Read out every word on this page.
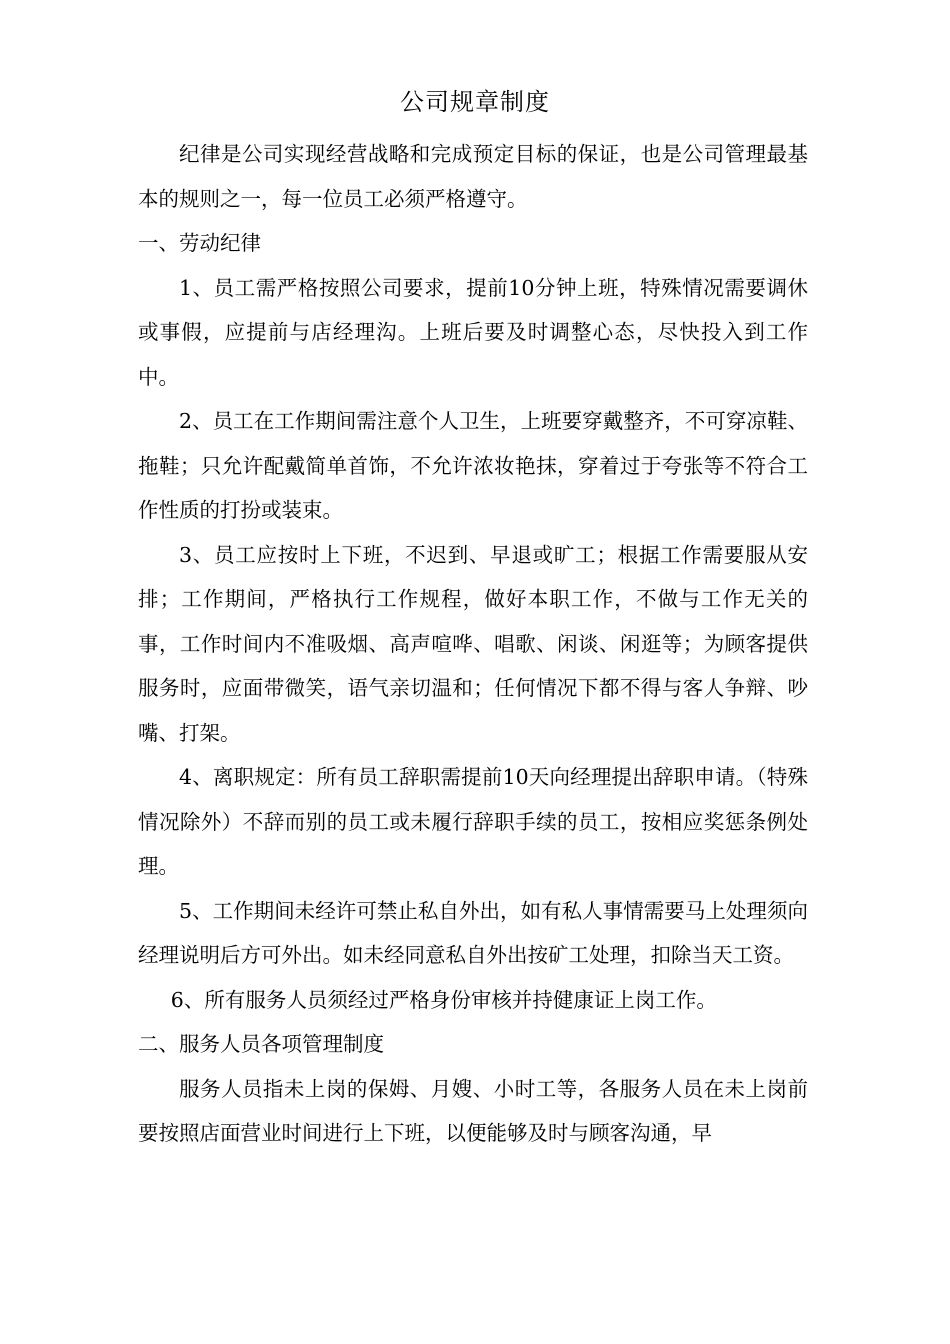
公司规章制度

纪律是公司实现经营战略和完成预定目标的保证，也是公司管理最基本的规则之一，每一位员工必须严格遵守。

一、劳动纪律

1、员工需严格按照公司要求，提前10分钟上班，特殊情况需要调休或事假，应提前与店经理沟。上班后要及时调整心态，尽快投入到工作中。

2、员工在工作期间需注意个人卫生，上班要穿戴整齐，不可穿凉鞋、拖鞋；只允许配戴简单首饰，不允许浓妆艳抹，穿着过于夸张等不符合工作性质的打扮或装束。

3、员工应按时上下班，不迟到、早退或旷工；根据工作需要服从安排；工作期间，严格执行工作规程，做好本职工作，不做与工作无关的事，工作时间内不准吸烟、高声喧哗、唱歌、闲谈、闲逛等；为顾客提供服务时，应面带微笑，语气亲切温和；任何情况下都不得与客人争辩、吵嘴、打架。

4、离职规定：所有员工辞职需提前10天向经理提出辞职申请。（特殊情况除外）不辞而别的员工或未履行辞职手续的员工，按相应奖惩条例处理。

5、工作期间未经许可禁止私自外出，如有私人事情需要马上处理须向经理说明后方可外出。如未经同意私自外出按矿工处理，扣除当天工资。

6、所有服务人员须经过严格身份审核并持健康证上岗工作。

二、服务人员各项管理制度

服务人员指未上岗的保姆、月嫂、小时工等，各服务人员在未上岗前要按照店面营业时间进行上下班，以便能够及时与顾客沟通，早
